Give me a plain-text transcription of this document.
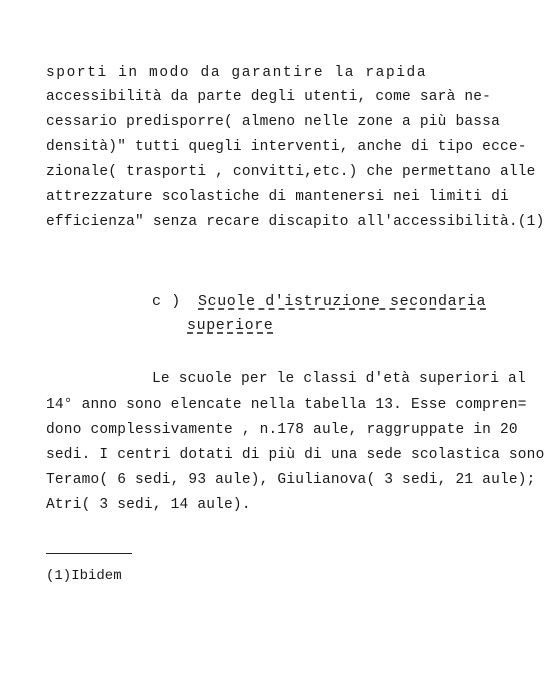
sporti in modo da garantire la rapida
accessibilità da parte degli utenti, come sarà ne-
cessario predisporre( almeno nelle zone a più bassa
densità)" tutti quegli interventi, anche di tipo ecce-
zionale( trasporti , convitti,etc.) che permettano alle
attrezzature scolastiche di mantenersi nei limiti di
efficienza" senza recare discapito all'accessibilità.(1)
c ) Scuole d'istruzione secondaria
superiore
Le scuole per le classi d'età superiori al
14° anno sono elencate nella tabella 13. Esse compren=
dono complessivamente , n.178 aule, raggruppate in 20
sedi. I centri dotati di più di una sede scolastica sono
Teramo( 6 sedi, 93 aule), Giulianova( 3 sedi, 21 aule);
Atri( 3 sedi, 14 aule).
(1)Ibidem
